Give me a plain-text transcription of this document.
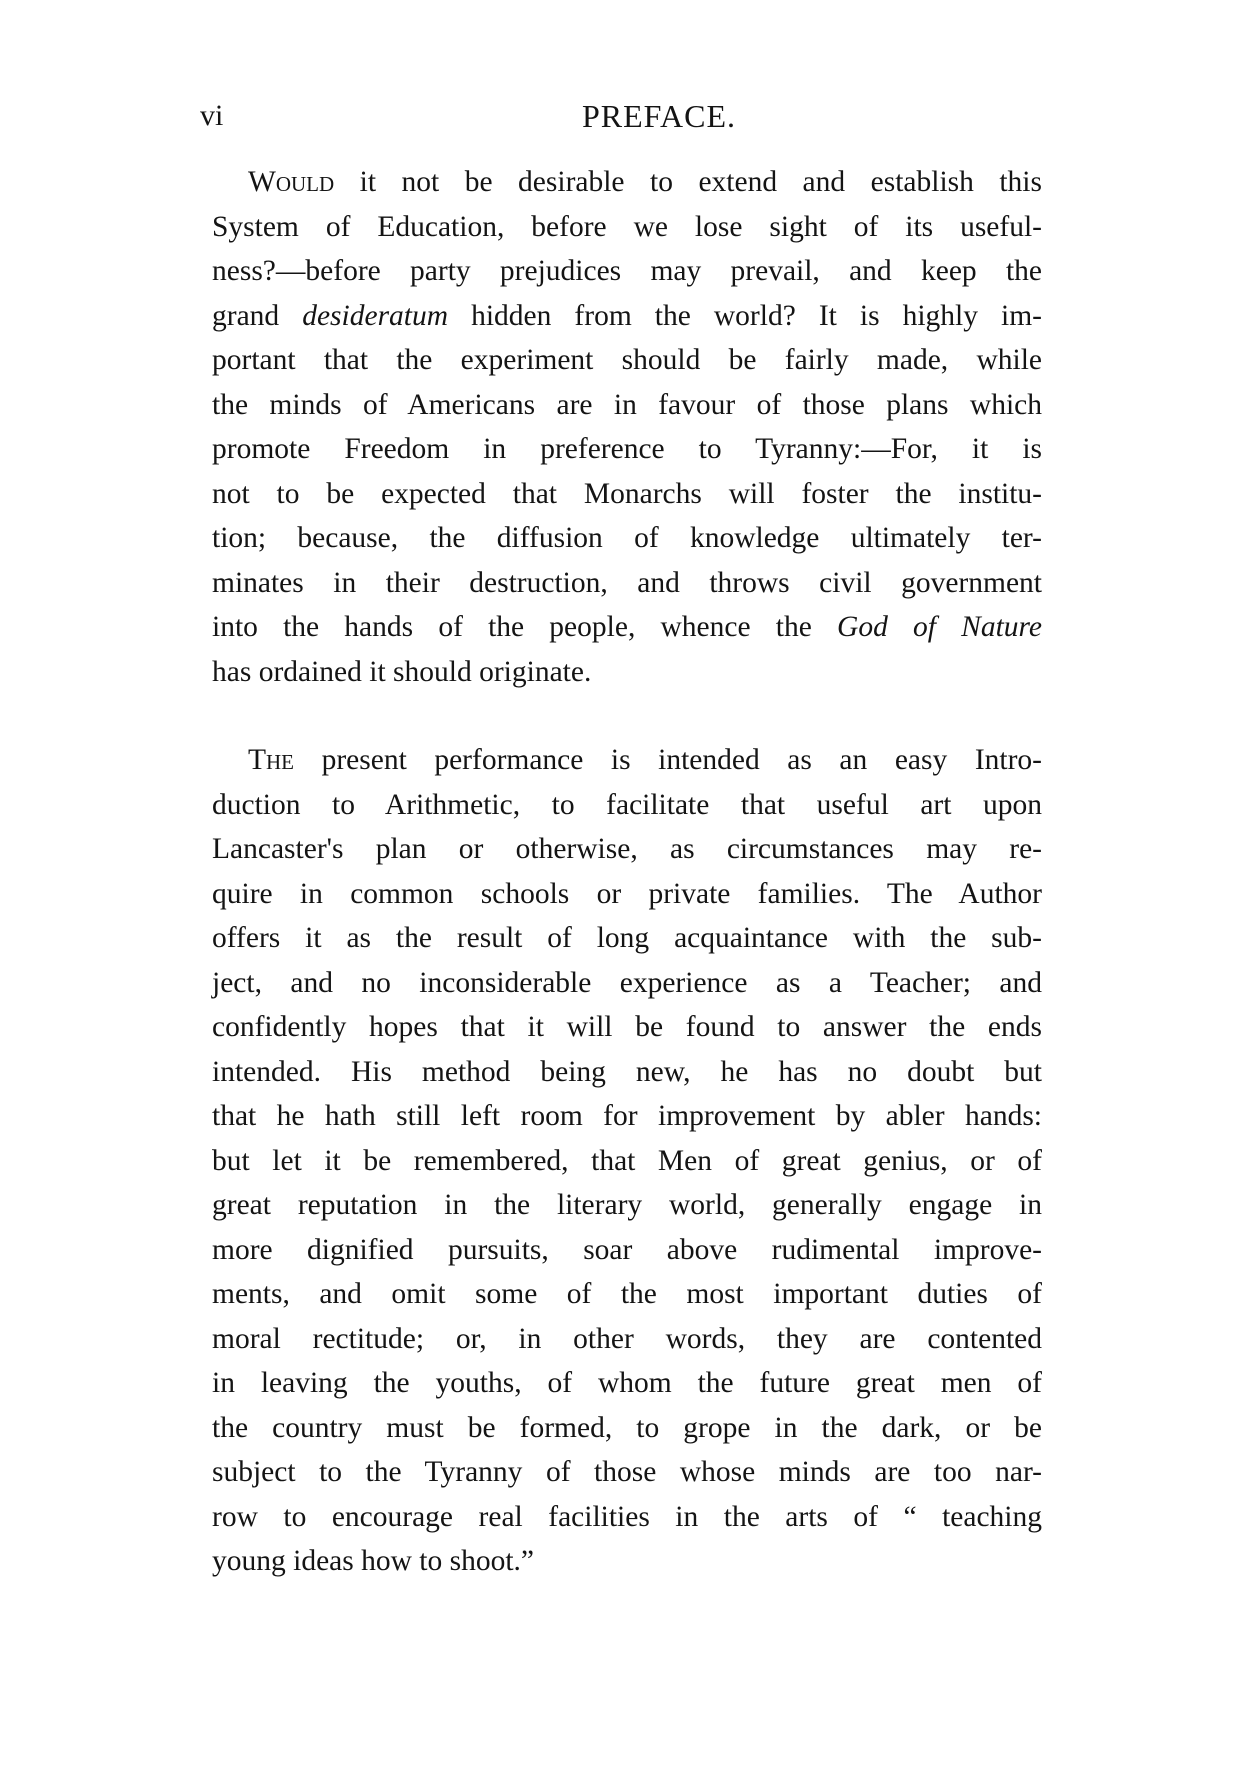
vi	PREFACE.
Would it not be desirable to extend and establish this
System of Education, before we lose sight of its useful-
ness?—before party prejudices may prevail, and keep the
grand desideratum hidden from the world? It is highly im-
portant that the experiment should be fairly made, while
the minds of Americans are in favour of those plans which
promote Freedom in preference to Tyranny:—For, it is
not to be expected that Monarchs will foster the institu-
tion; because, the diffusion of knowledge ultimately ter-
minates in their destruction, and throws civil government
into the hands of the people, whence the God of Nature
has ordained it should originate.
The present performance is intended as an easy Intro-
duction to Arithmetic, to facilitate that useful art upon
Lancaster's plan or otherwise, as circumstances may re-
quire in common schools or private families. The Author
offers it as the result of long acquaintance with the sub-
ject, and no inconsiderable experience as a Teacher; and
confidently hopes that it will be found to answer the ends
intended. His method being new, he has no doubt but
that he hath still left room for improvement by abler hands:
but let it be remembered, that Men of great genius, or of
great reputation in the literary world, generally engage in
more dignified pursuits, soar above rudimental improve-
ments, and omit some of the most important duties of
moral rectitude; or, in other words, they are contented
in leaving the youths, of whom the future great men of
the country must be formed, to grope in the dark, or be
subject to the Tyranny of those whose minds are too nar-
row to encourage real facilities in the arts of “ teaching
young ideas how to shoot.”
